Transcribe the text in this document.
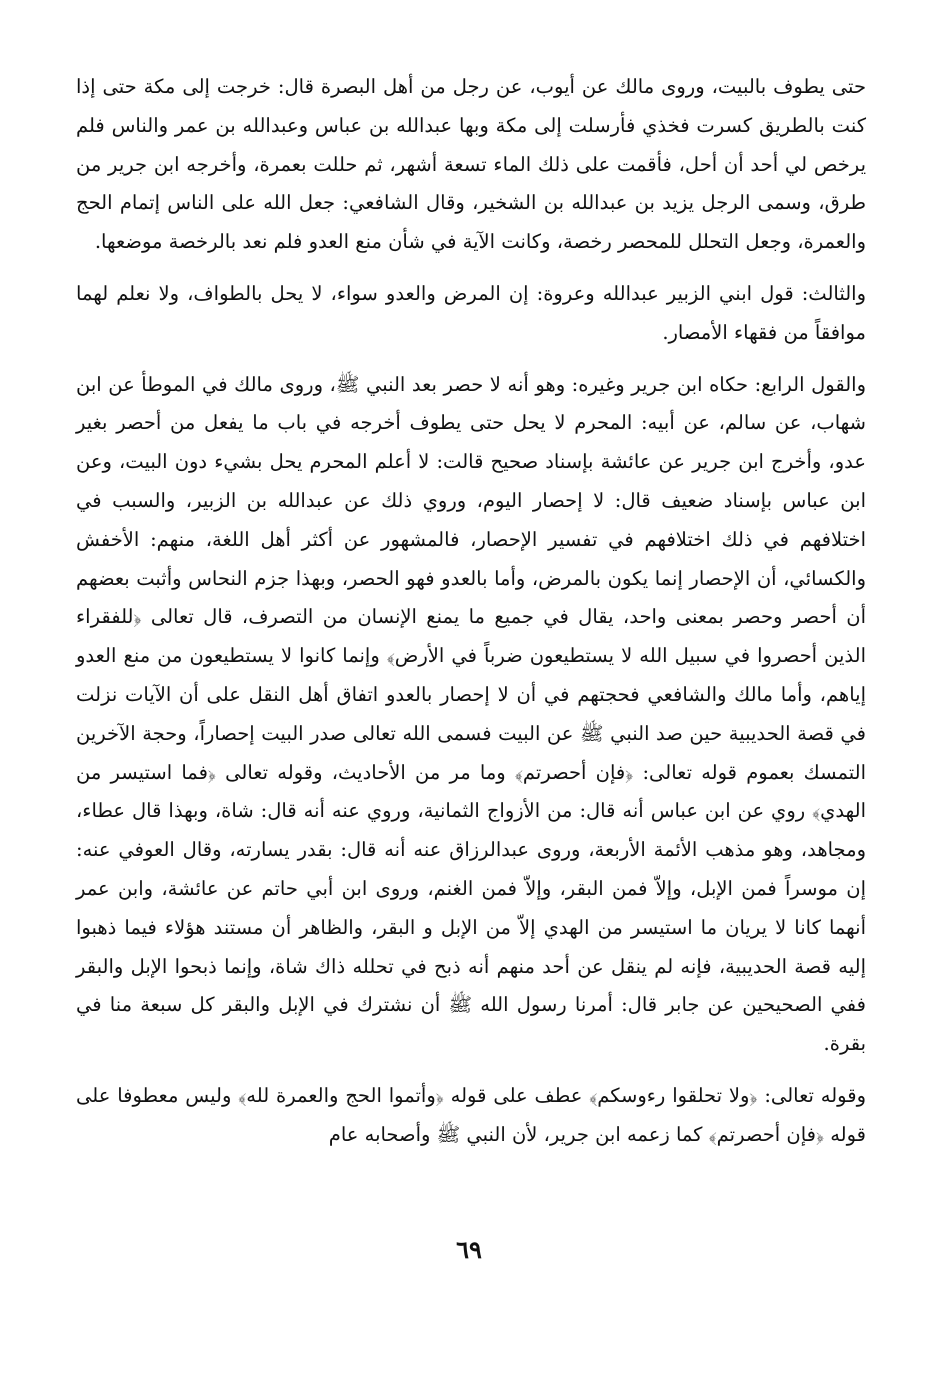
حتى يطوف بالبيت، وروى مالك عن أيوب، عن رجل من أهل البصرة قال: خرجت إلى مكة حتى إذا كنت بالطريق كسرت فخذي فأرسلت إلى مكة وبها عبدالله بن عباس وعبدالله بن عمر والناس فلم يرخص لي أحد أن أحل، فأقمت على ذلك الماء تسعة أشهر، ثم حللت بعمرة، وأخرجه ابن جرير من طرق، وسمى الرجل يزيد بن عبدالله بن الشخير، وقال الشافعي: جعل الله على الناس إتمام الحج والعمرة، وجعل التحلل للمحصر رخصة، وكانت الآية في شأن منع العدو فلم نعد بالرخصة موضعها.

والثالث: قول ابني الزبير عبدالله وعروة: إن المرض والعدو سواء، لا يحل بالطواف، ولا نعلم لهما موافقاً من فقهاء الأمصار.

والقول الرابع: حكاه ابن جرير وغيره: وهو أنه لا حصر بعد النبي ﷺ، وروى مالك في الموطأ عن ابن شهاب، عن سالم، عن أبيه: المحرم لا يحل حتى يطوف أخرجه في باب ما يفعل من أحصر بغير عدو، وأخرج ابن جرير عن عائشة بإسناد صحيح قالت: لا أعلم المحرم يحل بشيء دون البيت، وعن ابن عباس بإسناد ضعيف قال: لا إحصار اليوم، وروي ذلك عن عبدالله بن الزبير، والسبب في اختلافهم في ذلك اختلافهم في تفسير الإحصار، فالمشهور عن أكثر أهل اللغة، منهم: الأخفش والكسائي، أن الإحصار إنما يكون بالمرض، وأما بالعدو فهو الحصر، وبهذا جزم النحاس وأثبت بعضهم أن أحصر وحصر بمعنى واحد، يقال في جميع ما يمنع الإنسان من التصرف، قال تعالى ﴿للفقراء الذين أحصروا في سبيل الله لا يستطيعون ضرباً في الأرض﴾ وإنما كانوا لا يستطيعون من منع العدو إياهم، وأما مالك والشافعي فحجتهم في أن لا إحصار بالعدو اتفاق أهل النقل على أن الآيات نزلت في قصة الحديبية حين صد النبي ﷺ عن البيت فسمى الله تعالى صدر البيت إحصاراً، وحجة الآخرين التمسك بعموم قوله تعالى: ﴿فإن أحصرتم﴾ وما مر من الأحاديث، وقوله تعالى ﴿فما استيسر من الهدي﴾ روي عن ابن عباس أنه قال: من الأزواج الثمانية، وروي عنه أنه قال: شاة، وبهذا قال عطاء، ومجاهد، وهو مذهب الأئمة الأربعة، وروى عبدالرزاق عنه أنه قال: بقدر يسارته، وقال العوفي عنه: إن موسراً فمن الإبل، وإلاّ فمن البقر، وإلاّ فمن الغنم، وروى ابن أبي حاتم عن عائشة، وابن عمر أنهما كانا لا يريان ما استيسر من الهدي إلاّ من الإبل و البقر، والظاهر أن مستند هؤلاء فيما ذهبوا إليه قصة الحديبية، فإنه لم ينقل عن أحد منهم أنه ذبح في تحلله ذاك شاة، وإنما ذبحوا الإبل والبقر ففي الصحيحين عن جابر قال: أمرنا رسول الله ﷺ أن نشترك في الإبل والبقر كل سبعة منا في بقرة.

وقوله تعالى: ﴿ولا تحلقوا رءوسكم﴾ عطف على قوله ﴿وأتموا الحج والعمرة لله﴾ وليس معطوفا على قوله ﴿فإن أحصرتم﴾ كما زعمه ابن جرير، لأن النبي ﷺ وأصحابه عام

٦٩
